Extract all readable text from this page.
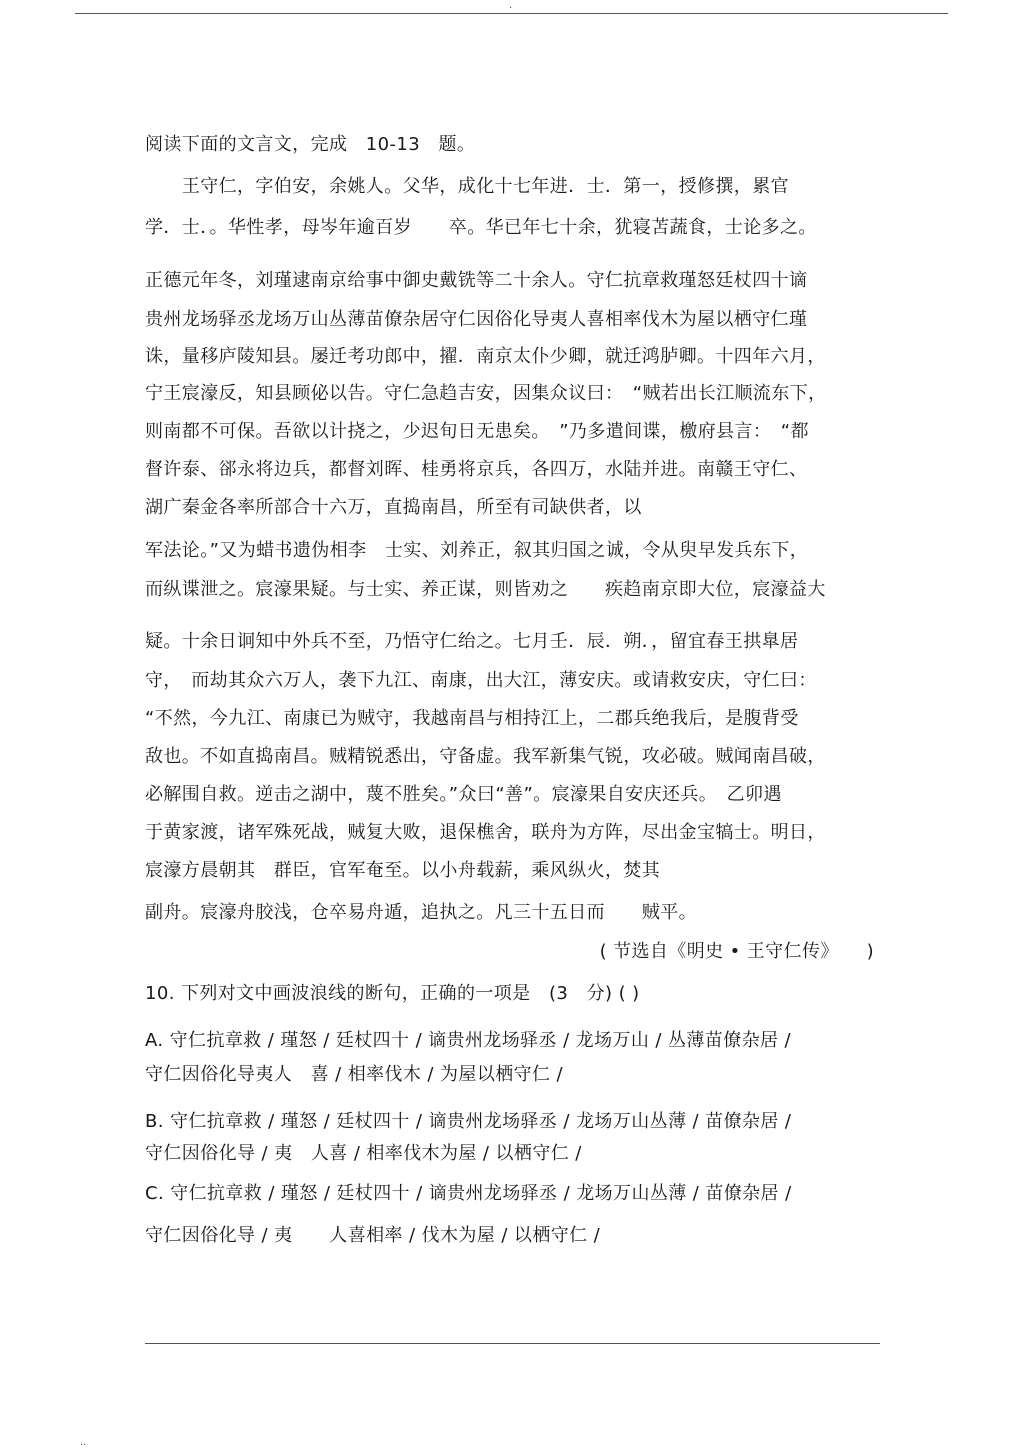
.
阅读下面的文言文，完成　10-13　题。
　　王守仁，字伯安，余姚人。父华，成化十七年进．士．第一，授修撰，累官
学．士．。华性孝，母岑年逾百岁　　卒。华已年七十余，犹寝苫蔬食，士论多之。
正德元年冬，刘瑾逮南京给事中御史戴铣等二十余人。守仁抗章救瑾怒廷杖四十谪
贵州龙场驿丞龙场万山丛薄苗僚杂居守仁因俗化导夷人喜相率伐木为屋以栖守仁瑾
诛，量移庐陵知县。屡迁考功郎中，擢．南京太仆少卿，就迁鸿胪卿。十四年六月，
宁王宸濠反，知县顾佖以告。守仁急趋吉安，因集众议曰：　“贼若出长江顺流东下，
则南都不可保。吾欲以计挠之，少迟旬日无患矣。　”乃多遣间谍，檄府县言：　“都
督许泰、郤永将边兵，都督刘晖、桂勇将京兵，各四万，水陆并进。南赣王守仁、
湖广秦金各率所部合十六万，直捣南昌，所至有司缺供者，以
军法论。”又为蜡书遗伪相李　士实、刘养正，叙其归国之诚，令从臾早发兵东下，
而纵谍泄之。宸濠果疑。与士实、养正谋，则皆劝之　　疾趋南京即大位，宸濠益大
疑。十余日诇知中外兵不至，乃悟守仁绐之。七月壬．辰．朔．，留宜春王拱臯居
守，　而劫其众六万人，袭下九江、南康，出大江，薄安庆。或请救安庆，守仁曰：
“不然，今九江、南康已为贼守，我越南昌与相持江上，二郡兵绝我后，是腹背受
敌也。不如直捣南昌。贼精锐悉出，守备虚。我军新集气锐，攻必破。贼闻南昌破，
必解围自救。逆击之湖中，蔑不胜矣。”众曰“善”。宸濠果自安庆还兵。　乙卯遇
于黄家渡，诸军殊死战，贼复大败，退保樵舍，联舟为方阵，尽出金宝犒士。明日，
宸濠方晨朝其　群臣，官军奄至。以小舟载薪，乘风纵火，焚其
副舟。宸濠舟胶浅，仓卒易舟遁，追执之。凡三十五日而　　贼平。
( 节选自《明史 • 王守仁传》　　)
10. 下列对文中画波浪线的断句，正确的一项是　(3　分) ( )
A. 守仁抗章救 / 瑾怒 / 廷杖四十 / 谪贵州龙场驿丞 / 龙场万山 / 丛薄苗僚杂居 /
守仁因俗化导夷人　喜 / 相率伐木 / 为屋以栖守仁 /
B. 守仁抗章救 / 瑾怒 / 廷杖四十 / 谪贵州龙场驿丞 / 龙场万山丛薄 / 苗僚杂居 /
守仁因俗化导 / 夷　人喜 / 相率伐木为屋 / 以栖守仁 /
C. 守仁抗章救 / 瑾怒 / 廷杖四十 / 谪贵州龙场驿丞 / 龙场万山丛薄 / 苗僚杂居 /
守仁因俗化导 / 夷　　人喜相率 / 伐木为屋 / 以栖守仁 /
..
